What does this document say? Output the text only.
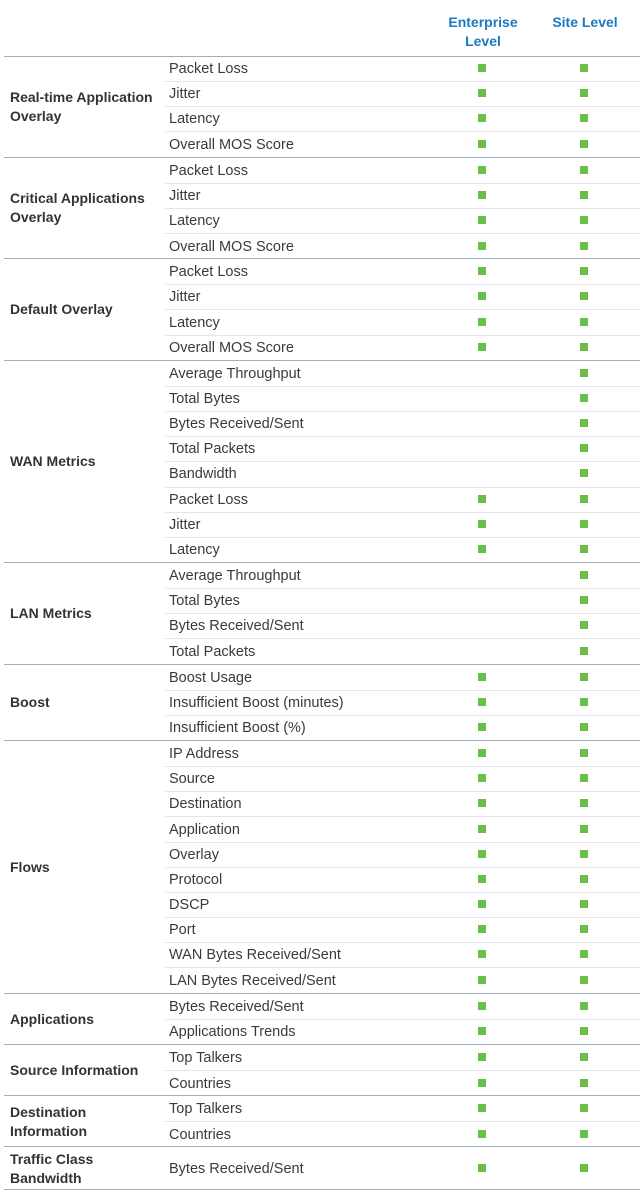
Enterprise Level
Site Level
Real-time Application Overlay
Packet Loss
Jitter
Latency
Overall MOS Score
Critical Applications Overlay
Packet Loss
Jitter
Latency
Overall MOS Score
Default Overlay
Packet Loss
Jitter
Latency
Overall MOS Score
WAN Metrics
Average Throughput
Total Bytes
Bytes Received/Sent
Total Packets
Bandwidth
Packet Loss
Jitter
Latency
LAN Metrics
Average Throughput
Total Bytes
Bytes Received/Sent
Total Packets
Boost
Boost Usage
Insufficient Boost (minutes)
Insufficient Boost (%)
Flows
IP Address
Source
Destination
Application
Overlay
Protocol
DSCP
Port
WAN Bytes Received/Sent
LAN Bytes Received/Sent
Applications
Bytes Received/Sent
Applications Trends
Source Information
Top Talkers
Countries
Destination Information
Top Talkers
Countries
Traffic Class Bandwidth
Bytes Received/Sent
